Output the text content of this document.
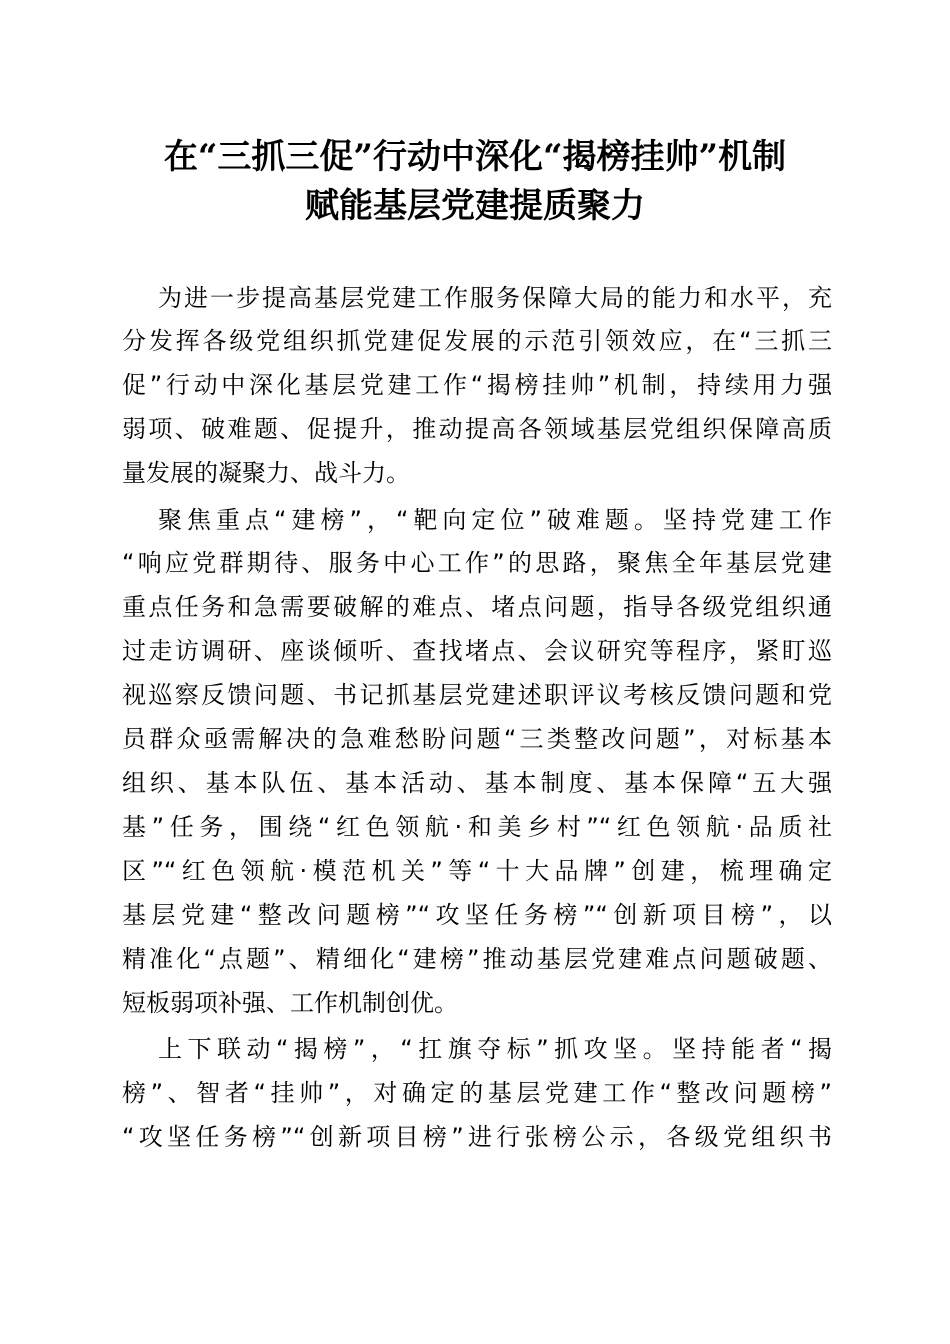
在“三抓三促”行动中深化“揭榜挂帅”机制
赋能基层党建提质聚力

为进一步提高基层党建工作服务保障大局的能力和水平，充

分发挥各级党组织抓党建促发展的示范引领效应，在“三抓三

促”行动中深化基层党建工作“揭榜挂帅”机制，持续用力强

弱项、破难题、促提升，推动提高各领域基层党组织保障高质

量发展的凝聚力、战斗力。

聚焦重点“建榜”，“靶向定位”破难题。坚持党建工作

“响应党群期待、服务中心工作”的思路，聚焦全年基层党建

重点任务和急需要破解的难点、堵点问题，指导各级党组织通

过走访调研、座谈倾听、查找堵点、会议研究等程序，紧盯巡

视巡察反馈问题、书记抓基层党建述职评议考核反馈问题和党

员群众亟需解决的急难愁盼问题“三类整改问题”，对标基本

组织、基本队伍、基本活动、基本制度、基本保障“五大强

基”任务，围绕“红色领航·和美乡村”“红色领航·品质社

区”“红色领航·模范机关”等“十大品牌”创建，梳理确定

基层党建“整改问题榜”“攻坚任务榜”“创新项目榜”，以

精准化“点题”、精细化“建榜”推动基层党建难点问题破题、

短板弱项补强、工作机制创优。

上下联动“揭榜”，“扛旗夺标”抓攻坚。坚持能者“揭

榜”、智者“挂帅”，对确定的基层党建工作“整改问题榜”

“攻坚任务榜”“创新项目榜”进行张榜公示，各级党组织书
